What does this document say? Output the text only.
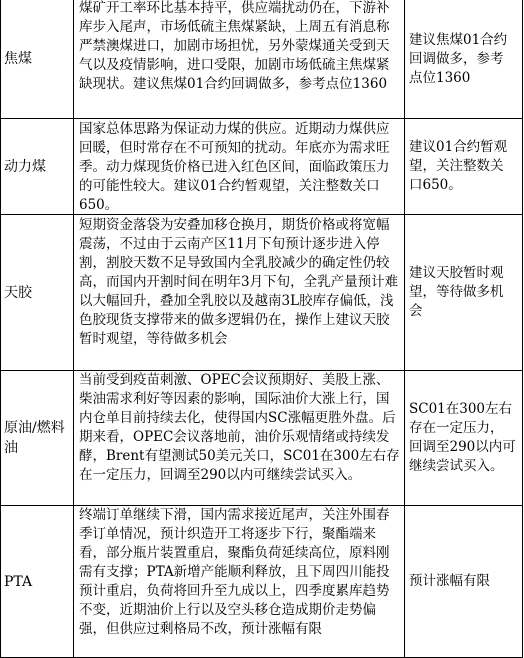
焦煤
煤矿开工率环比基本持平，供应端扰动仍在，下游补库步入尾声，市场低硫主焦煤紧缺，上周五有消息称严禁澳煤进口，加剧市场担忧，另外蒙煤通关受到天气以及疫情影响，进口受限，加剧市场低硫主焦煤紧缺现状。建议焦煤01合约回调做多，参考点位1360
建议焦煤01合约回调做多，参考点位1360
动力煤
国家总体思路为保证动力煤的供应。近期动力煤供应回暖，但时常存在不可预知的扰动。年底亦为需求旺季。动力煤现货价格已进入红色区间，面临政策压力的可能性较大。建议01合约暂观望，关注整数关口650。
建议01合约暂观望，关注整数关口650。
天胶
短期资金落袋为安叠加移仓换月，期货价格或将宽幅震荡，不过由于云南产区11月下旬预计逐步进入停割，割胶天数不足导致国内全乳胶减少的确定性仍较高，而国内开割时间在明年3月下旬，全乳产量预计难以大幅回升，叠加全乳胶以及越南3L胶库存偏低，浅色胶现货支撑带来的做多逻辑仍在，操作上建议天胶暂时观望，等待做多机会
建议天胶暂时观望，等待做多机会
原油/燃料油
当前受到疫苗刺激、OPEC会议预期好、美股上涨、柴油需求利好等因素的影响，国际油价大涨上行，国内仓单目前持续去化，使得国内SC涨幅更胜外盘。后期来看，OPEC会议落地前，油价乐观情绪或持续发酵，Brent有望测试50美元关口，SC01在300左右存在一定压力，回调至290以内可继续尝试买入。
SC01在300左右存在一定压力，回调至290以内可继续尝试买入。
PTA
终端订单继续下滑，国内需求接近尾声，关注外围春季订单情况，预计织造开工将逐步下行，聚酯端来看，部分瓶片装置重启，聚酯负荷延续高位，原料刚需有支撑；PTA新增产能顺利释放，且下周四川能投预计重启，负荷将回升至九成以上，四季度累库趋势不变，近期油价上行以及空头移仓造成期价走势偏强，但供应过剩格局不改，预计涨幅有限
预计涨幅有限
